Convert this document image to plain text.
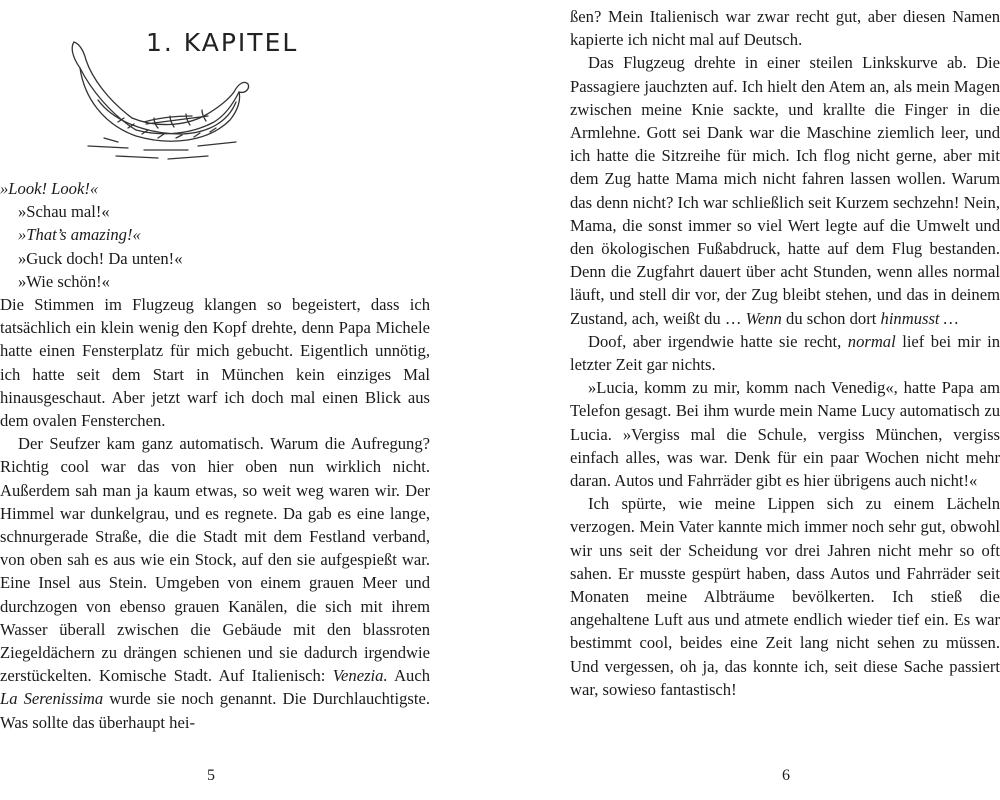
1. KAPITEL

»Look! Look!«

»Schau mal!«

»That’s amazing!«

»Guck doch! Da unten!«

»Wie schön!«

Die Stimmen im Flugzeug klangen so begeistert, dass ich tatsächlich ein klein wenig den Kopf drehte, denn Papa Michele hatte einen Fensterplatz für mich gebucht. Eigentlich unnötig, ich hatte seit dem Start in München kein einziges Mal hinausgeschaut. Aber jetzt warf ich doch mal einen Blick aus dem ovalen Fensterchen.

Der Seufzer kam ganz automatisch. Warum die Aufregung? Richtig cool war das von hier oben nun wirklich nicht. Außerdem sah man ja kaum etwas, so weit weg waren wir. Der Himmel war dunkelgrau, und es regnete. Da gab es eine lange, schnurgerade Straße, die die Stadt mit dem Festland verband, von oben sah es aus wie ein Stock, auf den sie aufgespießt war. Eine Insel aus Stein. Umgeben von einem grauen Meer und durchzogen von ebenso grauen Kanälen, die sich mit ihrem Wasser überall zwischen die Gebäude mit den blassroten Ziegeldächern zu drängen schienen und sie dadurch irgendwie zerstückelten. Komische Stadt. Auf Italienisch: Venezia. Auch La Serenissima wurde sie noch genannt. Die Durchlauchtigste. Was sollte das überhaupt hei-

5

ßen? Mein Italienisch war zwar recht gut, aber diesen Namen kapierte ich nicht mal auf Deutsch.

Das Flugzeug drehte in einer steilen Linkskurve ab. Die Passagiere jauchzten auf. Ich hielt den Atem an, als mein Magen zwischen meine Knie sackte, und krallte die Finger in die Armlehne. Gott sei Dank war die Maschine ziemlich leer, und ich hatte die Sitzreihe für mich. Ich flog nicht gerne, aber mit dem Zug hatte Mama mich nicht fahren lassen wollen. Warum das denn nicht? Ich war schließlich seit Kurzem sechzehn! Nein, Mama, die sonst immer so viel Wert legte auf die Umwelt und den ökologischen Fußabdruck, hatte auf dem Flug bestanden. Denn die Zugfahrt dauert über acht Stunden, wenn alles normal läuft, und stell dir vor, der Zug bleibt stehen, und das in deinem Zustand, ach, weißt du … Wenn du schon dort hinmusst …

Doof, aber irgendwie hatte sie recht, normal lief bei mir in letzter Zeit gar nichts.

»Lucia, komm zu mir, komm nach Venedig«, hatte Papa am Telefon gesagt. Bei ihm wurde mein Name Lucy automatisch zu Lucia. »Vergiss mal die Schule, vergiss München, vergiss einfach alles, was war. Denk für ein paar Wochen nicht mehr daran. Autos und Fahrräder gibt es hier übrigens auch nicht!«

Ich spürte, wie meine Lippen sich zu einem Lächeln verzogen. Mein Vater kannte mich immer noch sehr gut, obwohl wir uns seit der Scheidung vor drei Jahren nicht mehr so oft sahen. Er musste gespürt haben, dass Autos und Fahrräder seit Monaten meine Albträume bevölkerten. Ich stieß die angehaltene Luft aus und atmete endlich wieder tief ein. Es war bestimmt cool, beides eine Zeit lang nicht sehen zu müssen. Und vergessen, oh ja, das konnte ich, seit diese Sache passiert war, sowieso fantastisch!

6
